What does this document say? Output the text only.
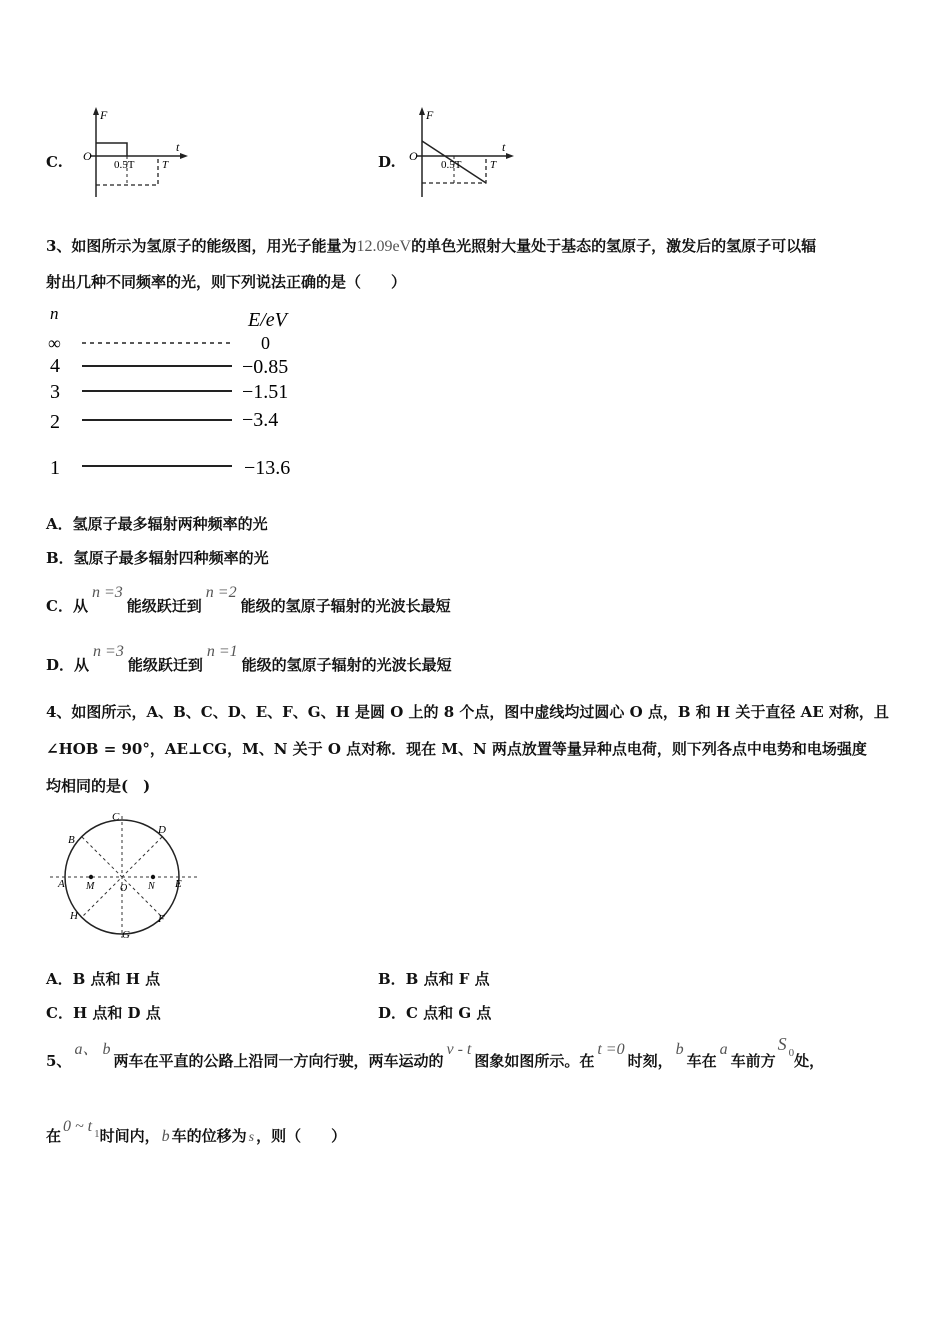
C.
F
t
O
0.5T	T	D.
F
t
O
0.5T	T
3、如图所示为氢原子的能级图，用光子能量为12.09eV的单色光照射大量处于基态的氢原子，激发后的氢原子可以辐
射出几种不同频率的光，则下列说法正确的是（　　）
n	E/eV
∞	0
4	−0.85
3	−1.51
2	−3.4
1	−13.6
A．氢原子最多辐射两种频率的光
B．氢原子最多辐射四种频率的光
C．从n =3能级跃迁到n =2能级的氢原子辐射的光波长最短
D．从n =3能级跃迁到n =1能级的氢原子辐射的光波长最短
4、如图所示，A、B、C、D、E、F、G、H 是圆 O 上的 8 个点，图中虚线均过圆心 O 点，B 和 H 关于直径 AE 对称，且
∠HOB = 90°，AE⊥CG，M、N 关于 O 点对称．现在 M、N 两点放置等量异种点电荷，则下列各点中电势和电场强度
均相同的是(　)
C
D
B
A M	O N E
H	F
G
A．B 点和 H 点	B．B 点和 F 点
C．H 点和 D 点	D．C 点和 G 点
5、a、 b两车在平直的公路上沿同一方向行驶，两车运动的v - t图象如图所示。在t =0时刻，b车在a车前方S 0处，
在0 ~ t $_1$时间内， b 车的位移为 s ，则（　　）
